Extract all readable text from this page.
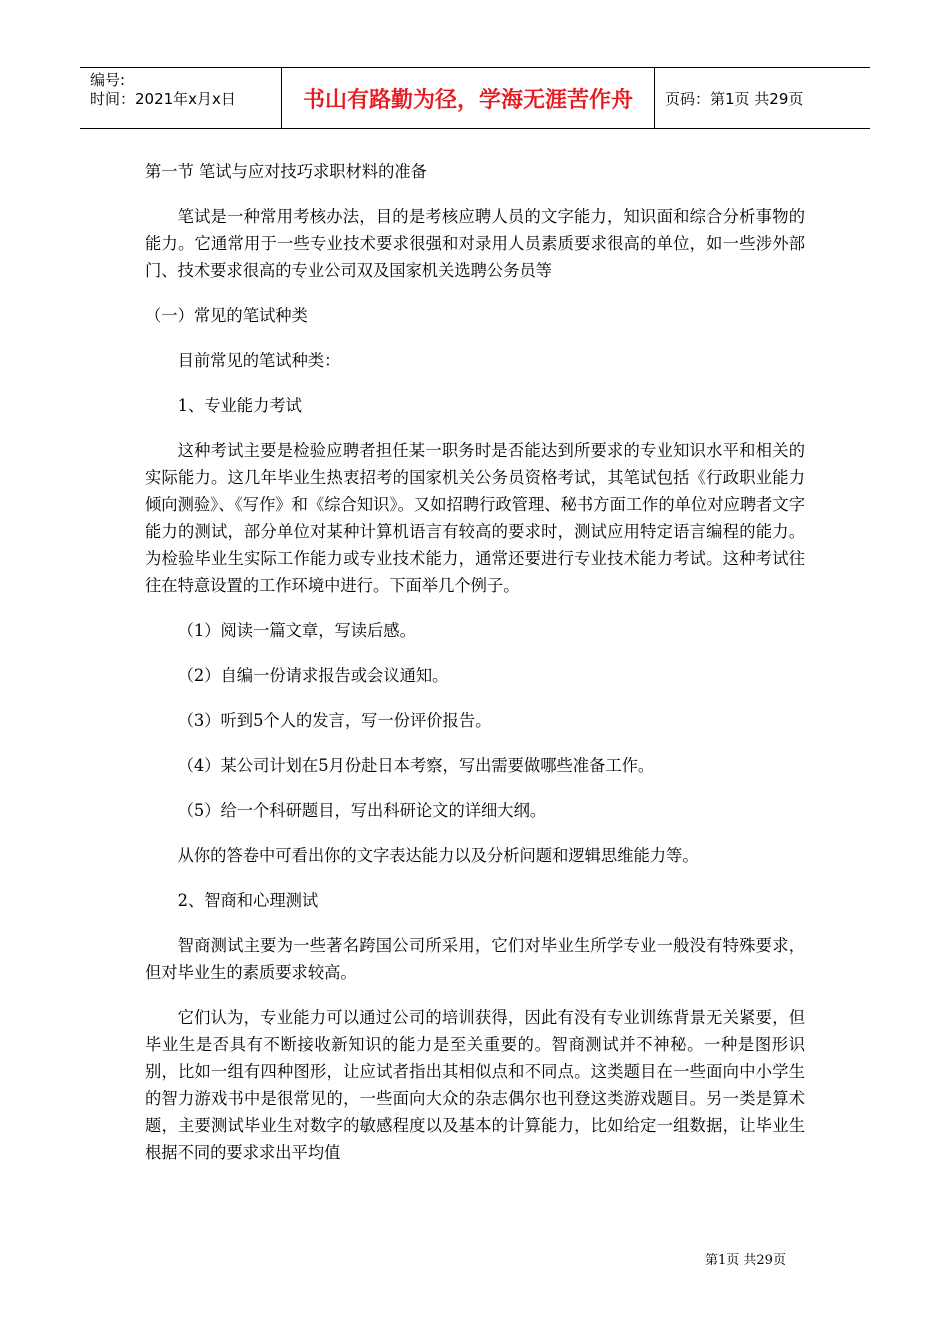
编号:
时间：2021年x月x日	书山有路勤为径，学海无涯苦作舟 页码：第1页 共29页

第一节 笔试与应对技巧求职材料的准备

笔试是一种常用考核办法，目的是考核应聘人员的文字能力，知识面和综合分析事物的能力。它通常用于一些专业技术要求很强和对录用人员素质要求很高的单位，如一些涉外部门、技术要求很高的专业公司双及国家机关选聘公务员等

（一）常见的笔试种类

目前常见的笔试种类：

1、专业能力考试

这种考试主要是检验应聘者担任某一职务时是否能达到所要求的专业知识水平和相关的实际能力。这几年毕业生热衷招考的国家机关公务员资格考试，其笔试包括《行政职业能力倾向测验》、《写作》和《综合知识》。又如招聘行政管理、秘书方面工作的单位对应聘者文字能力的测试，部分单位对某种计算机语言有较高的要求时，测试应用特定语言编程的能力。为检验毕业生实际工作能力或专业技术能力，通常还要进行专业技术能力考试。这种考试往往在特意设置的工作环境中进行。下面举几个例子。

（1）阅读一篇文章，写读后感。

（2）自编一份请求报告或会议通知。

（3）听到5个人的发言，写一份评价报告。

（4）某公司计划在5月份赴日本考察，写出需要做哪些准备工作。

（5）给一个科研题目，写出科研论文的详细大纲。

从你的答卷中可看出你的文字表达能力以及分析问题和逻辑思维能力等。

2、智商和心理测试

智商测试主要为一些著名跨国公司所采用，它们对毕业生所学专业一般没有特殊要求，但对毕业生的素质要求较高。

它们认为，专业能力可以通过公司的培训获得，因此有没有专业训练背景无关紧要，但毕业生是否具有不断接收新知识的能力是至关重要的。智商测试并不神秘。一种是图形识别，比如一组有四种图形，让应试者指出其相似点和不同点。这类题目在一些面向中小学生的智力游戏书中是很常见的，一些面向大众的杂志偶尔也刊登这类游戏题目。另一类是算术题，主要测试毕业生对数字的敏感程度以及基本的计算能力，比如给定一组数据，让毕业生根据不同的要求求出平均值

第1页 共29页
